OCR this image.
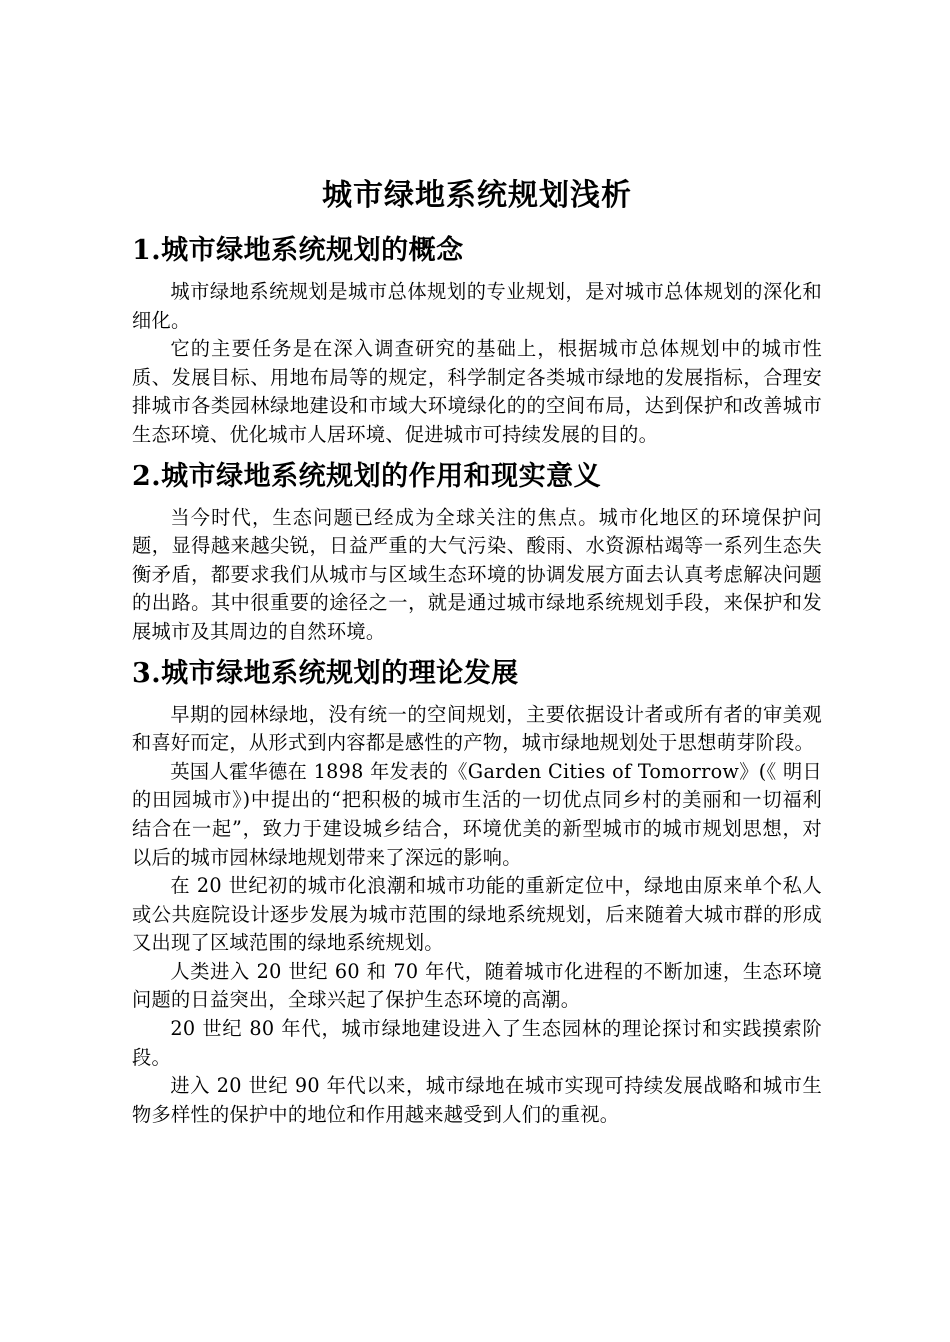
城市绿地系统规划浅析
1.城市绿地系统规划的概念

城市绿地系统规划是城市总体规划的专业规划，是对城市总体规划的深化和细化。

它的主要任务是在深入调查研究的基础上，根据城市总体规划中的城市性质、发展目标、用地布局等的规定，科学制定各类城市绿地的发展指标，合理安排城市各类园林绿地建设和市域大环境绿化的的空间布局，达到保护和改善城市生态环境、优化城市人居环境、促进城市可持续发展的目的。

2.城市绿地系统规划的作用和现实意义

当今时代，生态问题已经成为全球关注的焦点。城市化地区的环境保护问题，显得越来越尖锐，日益严重的大气污染、酸雨、水资源枯竭等一系列生态失衡矛盾，都要求我们从城市与区域生态环境的协调发展方面去认真考虑解决问题的出路。其中很重要的途径之一，就是通过城市绿地系统规划手段，来保护和发展城市及其周边的自然环境。

3.城市绿地系统规划的理论发展

早期的园林绿地，没有统一的空间规划，主要依据设计者或所有者的审美观和喜好而定，从形式到内容都是感性的产物，城市绿地规划处于思想萌芽阶段。

英国人霍华德在 1898 年发表的《Garden Cities of Tomorrow》(《 明日的田园城市》)中提出的“把积极的城市生活的一切优点同乡村的美丽和一切福利结合在一起”，致力于建设城乡结合，环境优美的新型城市的城市规划思想，对以后的城市园林绿地规划带来了深远的影响。

在 20 世纪初的城市化浪潮和城市功能的重新定位中，绿地由原来单个私人或公共庭院设计逐步发展为城市范围的绿地系统规划，后来随着大城市群的形成又出现了区域范围的绿地系统规划。

人类进入 20 世纪 60 和 70 年代，随着城市化进程的不断加速，生态环境问题的日益突出，全球兴起了保护生态环境的高潮。

20 世纪 80 年代，城市绿地建设进入了生态园林的理论探讨和实践摸索阶段。

进入 20 世纪 90 年代以来，城市绿地在城市实现可持续发展战略和城市生物多样性的保护中的地位和作用越来越受到人们的重视。
